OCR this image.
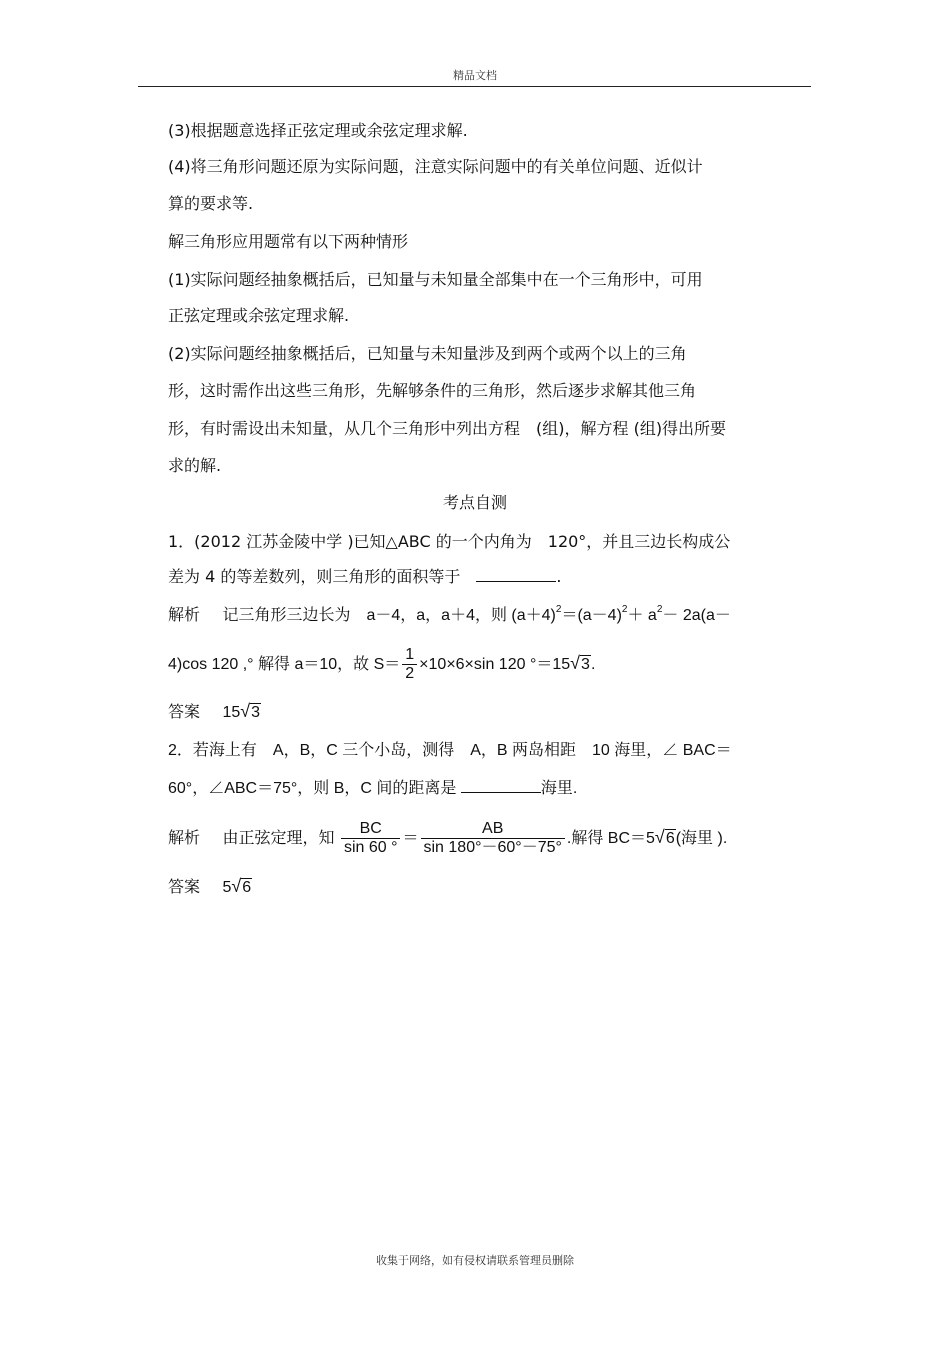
精品文档
(3)根据题意选择正弦定理或余弦定理求解.
(4)将三角形问题还原为实际问题，注意实际问题中的有关单位问题、近似计
算的要求等.
解三角形应用题常有以下两种情形
(1)实际问题经抽象概括后，已知量与未知量全部集中在一个三角形中，可用
正弦定理或余弦定理求解.
(2)实际问题经抽象概括后，已知量与未知量涉及到两个或两个以上的三角
形，这时需作出这些三角形，先解够条件的三角形，然后逐步求解其他三角
形，有时需设出未知量，从几个三角形中列出方程　(组)，解方程 (组)得出所要
求的解.
考点自测
1．(2012 江苏金陵中学 )已知△ABC 的一个内角为　120°，并且三边长构成公
差为 4 的等差数列，则三角形的面积等于　	.
解析 记三角形三边长为　a－4，a，a＋4，则 $(a+4)^2=(a-4)^2+ a^2- 2a(a-$
4)cos 120 ,° 解得 a＝10，故 $S= \frac{1}{2} \times 10\times 6\times\sin$ 120 °＝15√3.
答案 15√3
2．若海上有　A，B，C 三个小岛，测得　A，B 两岛相距　10 海里，∠ BAC＝
60°，∠ABC＝75°，则 B，C 间的距离是	海里.
解析 由正弦定理，知 $\frac{BC}{\sin 60 ^\circ} = \frac{AB}{\sin 180^\circ-60^\circ-75^\circ}$ .解得 BC＝5√6(海里 ).
答案 5√6
收集于网络，如有侵权请联系管理员删除
